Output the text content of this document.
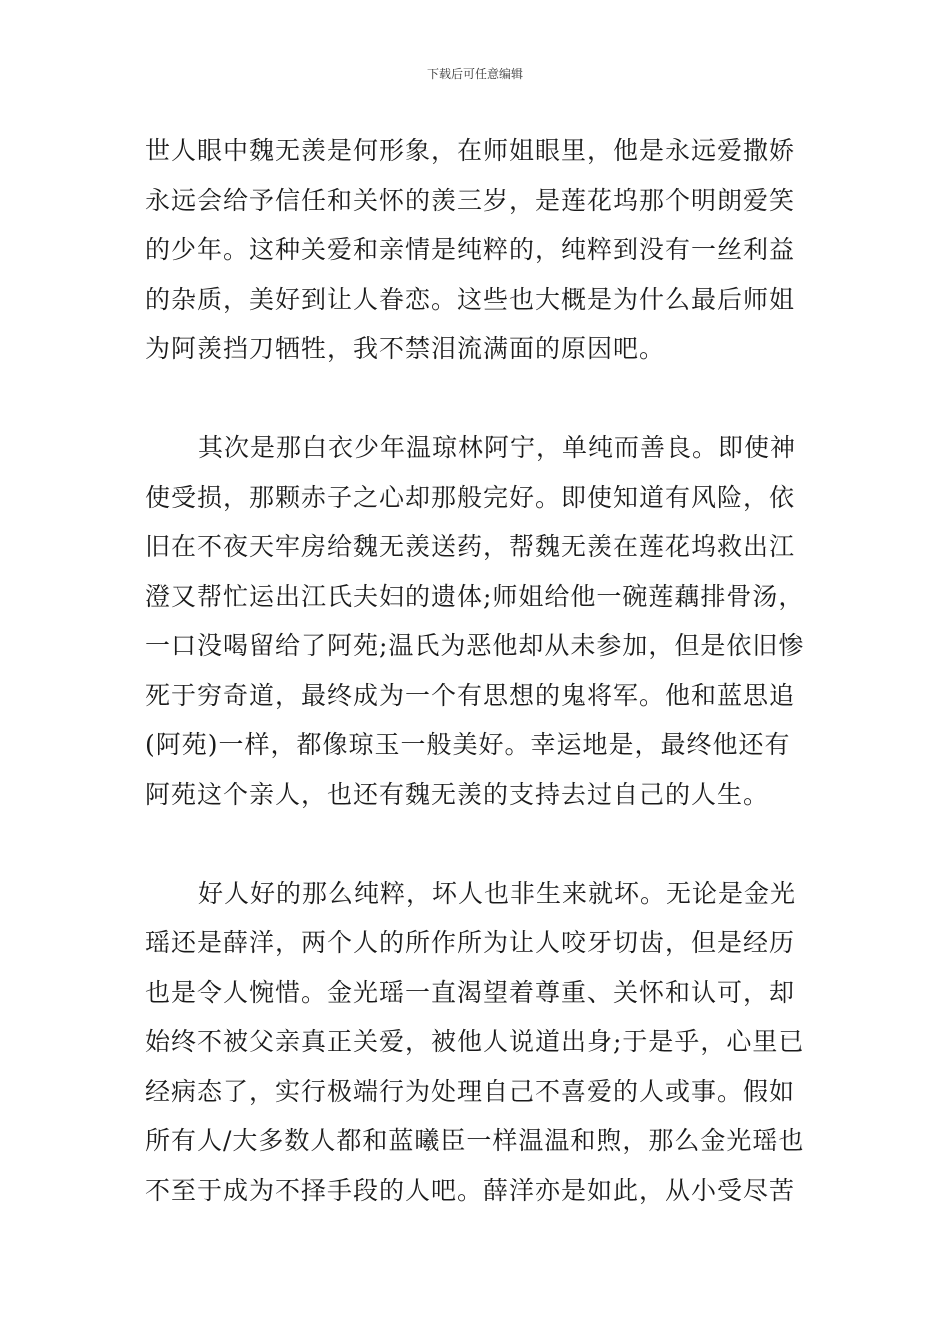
下载后可任意编辑
世人眼中魏无羡是何形象，在师姐眼里，他是永远爱撒娇
永远会给予信任和关怀的羡三岁，是莲花坞那个明朗爱笑
的少年。这种关爱和亲情是纯粹的，纯粹到没有一丝利益
的杂质，美好到让人眷恋。这些也大概是为什么最后师姐
为阿羡挡刀牺牲，我不禁泪流满面的原因吧。
其次是那白衣少年温琼林阿宁，单纯而善良。即使神
使受损，那颗赤子之心却那般完好。即使知道有风险，依
旧在不夜天牢房给魏无羡送药，帮魏无羡在莲花坞救出江
澄又帮忙运出江氏夫妇的遗体;师姐给他一碗莲藕排骨汤，
一口没喝留给了阿苑;温氏为恶他却从未参加，但是依旧惨
死于穷奇道，最终成为一个有思想的鬼将军。他和蓝思追
(阿苑)一样，都像琼玉一般美好。幸运地是，最终他还有
阿苑这个亲人，也还有魏无羡的支持去过自己的人生。
好人好的那么纯粹，坏人也非生来就坏。无论是金光
瑶还是薛洋，两个人的所作所为让人咬牙切齿，但是经历
也是令人惋惜。金光瑶一直渴望着尊重、关怀和认可，却
始终不被父亲真正关爱，被他人说道出身;于是乎，心里已
经病态了，实行极端行为处理自己不喜爱的人或事。假如
所有人/大多数人都和蓝曦臣一样温温和煦，那么金光瑶也
不至于成为不择手段的人吧。薛洋亦是如此，从小受尽苦
